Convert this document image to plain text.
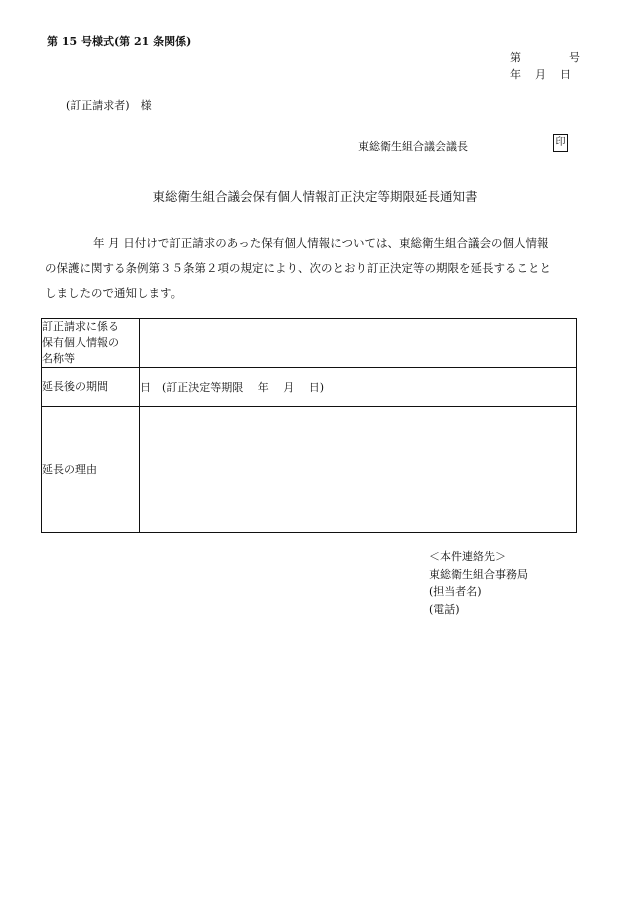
第 15 号様式(第 21 条関係)
第	号
年 月 日
(訂正請求者)　様
東総衛生組合議会議長	印
東総衛生組合議会保有個人情報訂正決定等期限延長通知書
年 月 日付けで訂正請求のあった保有個人情報については、東総衛生組合議会の個人情報
の保護に関する条例第３５条第２項の規定により、次のとおり訂正決定等の期限を延長することと
しましたので通知します。
訂正請求に係る
保有個人情報の
名称等	

延長後の期間	日　(訂正決定等期限　 年　 月　 日)
延長の理由	
＜本件連絡先＞
東総衛生組合事務局
(担当者名)
(電話)
